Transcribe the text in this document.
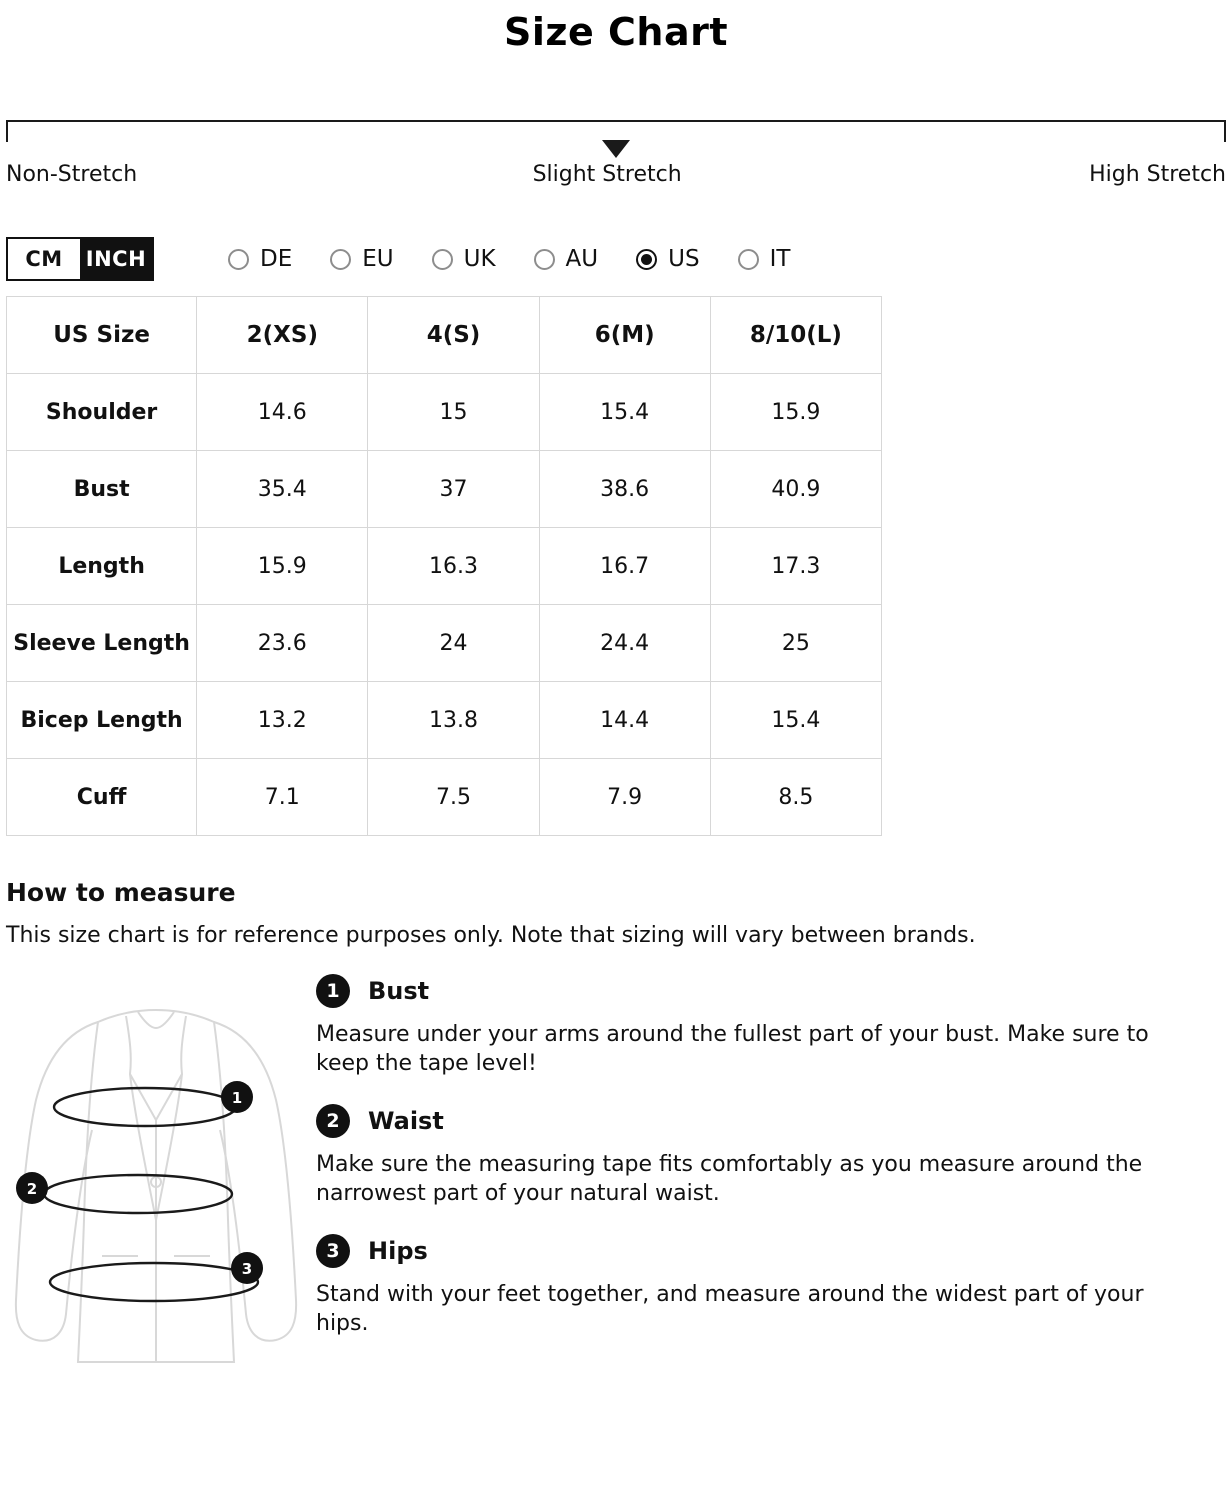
Size Chart
Non-Stretch	Slight Stretch	High Stretch
CM	INCH	DE	EU	UK	AU	US	IT
US Size	2(XS)	4(S)	6(M)	8/10(L)
Shoulder	14.6	15	15.4	15.9
Bust	35.4	37	38.6	40.9
Length	15.9	16.3	16.7	17.3
Sleeve Length	23.6	24	24.4	25
Bicep Length	13.2	13.8	14.4	15.4
Cuff	7.1	7.5	7.9	8.5
How to measure
This size chart is for reference purposes only. Note that sizing will vary between brands.
1
2
3
1	Bust
Measure under your arms around the fullest part of your bust. Make sure to keep the tape level!
2	Waist
Make sure the measuring tape fits comfortably as you measure around the narrowest part of your natural waist.
3	Hips
Stand with your feet together, and measure around the widest part of your hips.
